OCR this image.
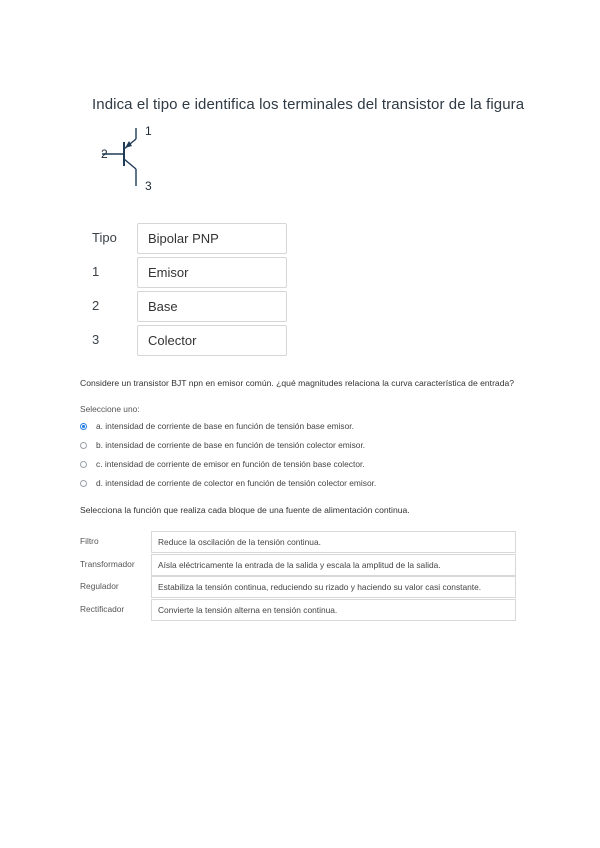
Indica el tipo e identifica los terminales del transistor de la figura
1
2
3
Tipo	Bipolar PNP
1	Emisor
2	Base
3	Colector
Considere un transistor BJT npn en emisor común. ¿qué magnitudes relaciona la curva característica de entrada?
Seleccione uno:
a. intensidad de corriente de base en función de tensión base emisor.
b. intensidad de corriente de base en función de tensión colector emisor.
c. intensidad de corriente de emisor en función de tensión base colector.
d. intensidad de corriente de colector en función de tensión colector emisor.
Selecciona la función que realiza cada bloque de una fuente de alimentación continua.
Filtro	Reduce la oscilación de la tensión continua.
Transformador	Aísla eléctricamente la entrada de la salida y escala la amplitud de la salida.
Regulador	Estabiliza la tensión continua, reduciendo su rizado y haciendo su valor casi constante.
Rectificador	Convierte la tensión alterna en tensión continua.
